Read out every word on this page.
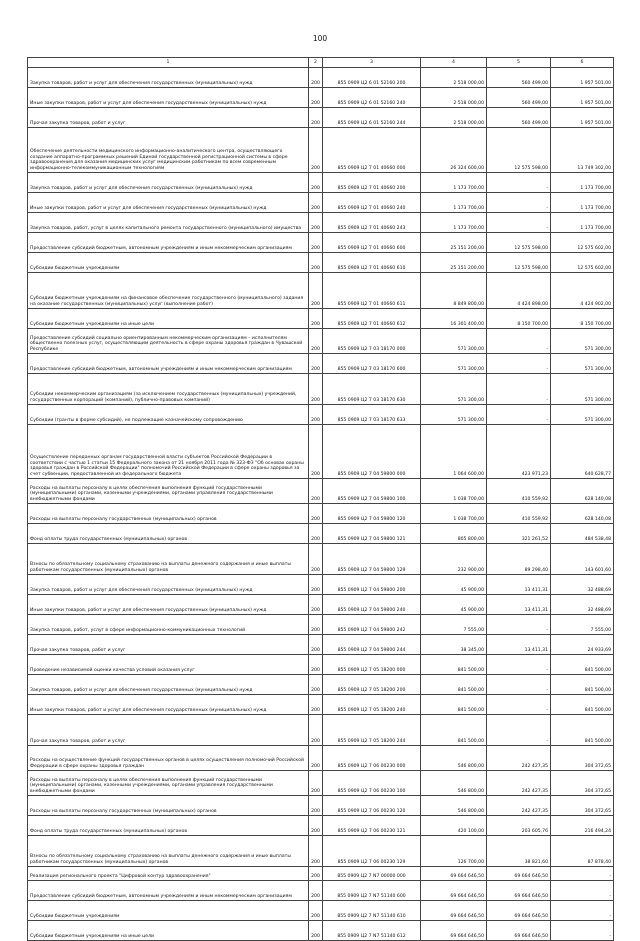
100
1	2	3	4	5	6
Закупка товаров, работ и услуг для обеспечения государственных (муниципальных) нужд	200	855 0909 Ц2 6 01 52160 200	2 518 000,00	560 499,00	1 957 501,00
Иные закупки товаров, работ и услуг для обеспечения государственных (муниципальных) нужд	200	855 0909 Ц2 6 01 52160 240	2 518 000,00	560 499,00	1 957 501,00
Прочая закупка товаров, работ и услуг	200	855 0909 Ц2 6 01 52160 244	2 518 000,00	560 499,00	1 957 501,00
Обеспечение деятельности медицинского информационно-аналитического центра, осуществляющего создание аппаратно-программных решений Единой государственной регистрационной системы в сфере здравоохранения для оказания медицинских услуг медицинским работникам по всем современным информационно-телекоммуникационным технологиям	200	855 0909 Ц2 7 01 40660 000	26 324 600,00	12 575 598,00	13 749 302,00
Закупка товаров, работ и услуг для обеспечения государственных (муниципальных) нужд	200	855 0909 Ц2 7 01 40660 200	1 173 700,00	-	1 173 700,00
Иные закупки товаров, работ и услуг для обеспечения государственных (муниципальных) нужд	200	855 0909 Ц2 7 01 40660 240	1 173 700,00	-	1 173 700,00
Закупка товаров, работ, услуг в целях капитального ремонта государственного (муниципального) имущества	200	855 0909 Ц2 7 01 40660 243	1 173 700,00	-	1 173 700,00
Предоставление субсидий бюджетным, автономным учреждениям и иным некоммерческим организациям	200	855 0909 Ц2 7 01 40660 600	25 151 200,00	12 575 598,00	12 575 602,00
Субсидии бюджетным учреждениям	200	855 0909 Ц2 7 01 40660 610	25 151 200,00	12 575 598,00	12 575 602,00
Субсидии бюджетным учреждениям на финансовое обеспечение государственного (муниципального) задания на оказание государственных (муниципальных) услуг (выполнение работ)	200	855 0909 Ц2 7 01 40660 611	8 849 800,00	4 424 898,00	4 424 902,00
Субсидии бюджетным учреждениям на иные цели	200	855 0909 Ц2 7 01 40660 612	16 301 400,00	8 150 700,00	8 150 700,00
Предоставление субсидий социально ориентированным некоммерческим организациям – исполнителям общественно полезных услуг, осуществляющим деятельность в сфере охраны здоровья граждан в Чувашской Республике	200	855 0909 Ц2 7 03 18170 000	571 300,00	-	571 300,00
Предоставление субсидий бюджетным, автономным учреждениям и иным некоммерческим организациям	200	855 0909 Ц2 7 03 18170 600	571 300,00	-	571 300,00
Субсидии некоммерческим организациям (за исключением государственных (муниципальных) учреждений, государственных корпораций (компаний), публично-правовых компаний)	200	855 0909 Ц2 7 03 18170 630	571 300,00	-	571 300,00
Субсидии (гранты в форме субсидий), не подлежащие казначейскому сопровождению	200	855 0909 Ц2 7 03 18170 633	571 300,00	-	571 300,00
Осуществление переданных органам государственной власти субъектов Российской Федерации в соответствии с частью 1 статьи 15 Федерального закона от 21 ноября 2011 года № 323-ФЗ "Об основах охраны здоровья граждан в Российской Федерации" полномочий Российской Федерации в сфере охраны здоровья за счет субвенции, предоставленной из федерального бюджета	200	855 0909 Ц2 7 04 59800 000	1 064 600,00	423 971,23	640 628,77
Расходы на выплаты персоналу в целях обеспечения выполнения функций государственными (муниципальными) органами, казенными учреждениями, органами управления государственными внебюджетными фондами	200	855 0909 Ц2 7 04 59800 100	1 038 700,00	410 559,92	628 140,08
Расходы на выплаты персоналу государственных (муниципальных) органов	200	855 0909 Ц2 7 04 59800 120	1 038 700,00	410 559,92	628 140,08
Фонд оплаты труда государственных (муниципальных) органов	200	855 0909 Ц2 7 04 59800 121	805 800,00	321 261,52	484 538,48
Взносы по обязательному социальному страхованию на выплаты денежного содержания и иные выплаты работникам государственных (муниципальных) органов	200	855 0909 Ц2 7 04 59800 129	232 900,00	89 298,40	143 601,60
Закупка товаров, работ и услуг для обеспечения государственных (муниципальных) нужд	200	855 0909 Ц2 7 04 59800 200	45 900,00	13 411,31	32 488,69
Иные закупки товаров, работ и услуг для обеспечения государственных (муниципальных) нужд	200	855 0909 Ц2 7 04 59800 240	45 900,00	13 411,31	32 488,69
Закупка товаров, работ, услуг в сфере информационно-коммуникационных технологий	200	855 0909 Ц2 7 04 59800 242	7 555,00	-	7 555,00
Прочая закупка товаров, работ и услуг	200	855 0909 Ц2 7 04 59800 244	38 345,00	13 411,31	24 933,69
Проведение независимой оценки качества условий оказания услуг	200	855 0909 Ц2 7 05 18200 000	841 500,00	-	841 500,00
Закупка товаров, работ и услуг для обеспечения государственных (муниципальных) нужд	200	855 0909 Ц2 7 05 18200 200	841 500,00	-	841 500,00
Иные закупки товаров, работ и услуг для обеспечения государственных (муниципальных) нужд	200	855 0909 Ц2 7 05 18200 240	841 500,00	-	841 500,00
Прочая закупка товаров, работ и услуг	200	855 0909 Ц2 7 05 18200 244	841 500,00	-	841 500,00
Расходы на осуществление функций государственных органов в целях осуществления полномочий Российской Федерации в сфере охраны здоровья граждан	200	855 0909 Ц2 7 06 00230 000	546 800,00	242 427,35	304 372,65
Расходы на выплаты персоналу в целях обеспечения выполнения функций государственными (муниципальными) органами, казенными учреждениями, органами управления государственными внебюджетными фондами	200	855 0909 Ц2 7 06 00230 100	546 800,00	242 427,35	304 372,65
Расходы на выплаты персоналу государственных (муниципальных) органов	200	855 0909 Ц2 7 06 00230 120	546 800,00	242 427,35	304 372,65
Фонд оплаты труда государственных (муниципальных) органов	200	855 0909 Ц2 7 06 00230 121	420 100,00	203 605,76	216 494,24
Взносы по обязательному социальному страхованию на выплаты денежного содержания и иные выплаты работникам государственных (муниципальных) органов	200	855 0909 Ц2 7 06 00230 129	126 700,00	38 821,60	87 878,40
Реализация регионального проекта "Цифровой контур здравоохранения"	200	855 0909 Ц2 7 N7 00000 000	69 664 646,50	69 664 646,50	-
Предоставление субсидий бюджетным, автономным учреждениям и иным некоммерческим организациям	200	855 0909 Ц2 7 N7 51140 600	69 664 646,50	69 664 646,50	-
Субсидии бюджетным учреждениям	200	855 0909 Ц2 7 N7 51140 610	69 664 646,50	69 664 646,50	-
Субсидии бюджетным учреждениям на иные цели	200	855 0909 Ц2 7 N7 51140 612	69 664 646,50	69 664 646,50	-
